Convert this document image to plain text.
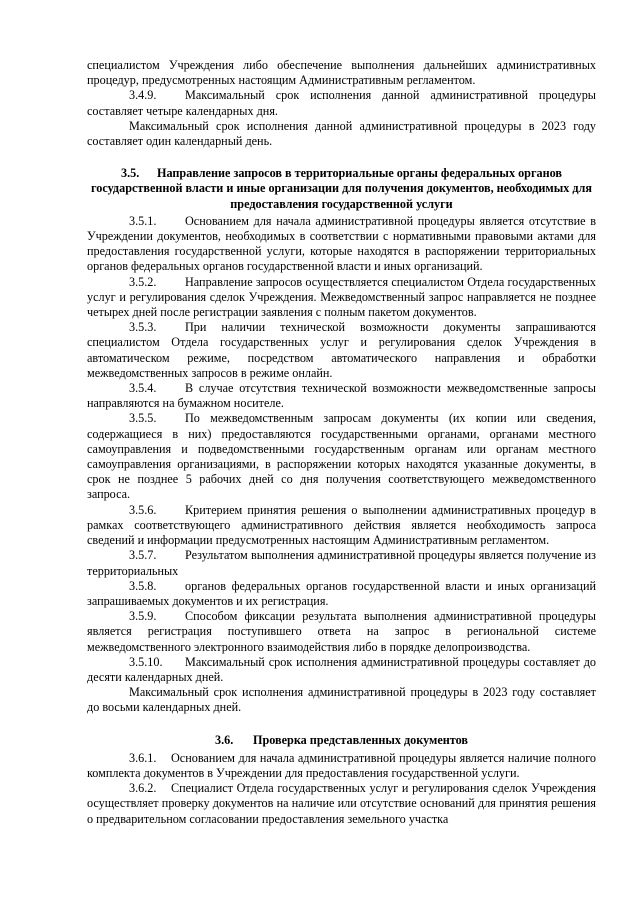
специалистом Учреждения либо обеспечение выполнения дальнейших административных процедур, предусмотренных настоящим Административным регламентом.

3.4.9. Максимальный срок исполнения данной административной процедуры составляет четыре календарных дня.

Максимальный срок исполнения данной административной процедуры в 2023 году составляет один календарный день.

3.5. Направление запросов в территориальные органы федеральных органов государственной власти и иные организации для получения документов, необходимых для предоставления государственной услуги

3.5.1. Основанием для начала административной процедуры является отсутствие в Учреждении документов, необходимых в соответствии с нормативными правовыми актами для предоставления государственной услуги, которые находятся в распоряжении территориальных органов федеральных органов государственной власти и иных организаций.

3.5.2. Направление запросов осуществляется специалистом Отдела государственных услуг и регулирования сделок Учреждения. Межведомственный запрос направляется не позднее четырех дней после регистрации заявления с полным пакетом документов.

3.5.3. При наличии технической возможности документы запрашиваются специалистом Отдела государственных услуг и регулирования сделок Учреждения в автоматическом режиме, посредством автоматического направления и обработки межведомственных запросов в режиме онлайн.

3.5.4. В случае отсутствия технической возможности межведомственные запросы направляются на бумажном носителе.

3.5.5. По межведомственным запросам документы (их копии или сведения, содержащиеся в них) предоставляются государственными органами, органами местного самоуправления и подведомственными государственным органам или органам местного самоуправления организациями, в распоряжении которых находятся указанные документы, в срок не позднее 5 рабочих дней со дня получения соответствующего межведомственного запроса.

3.5.6. Критерием принятия решения о выполнении административных процедур в рамках соответствующего административного действия является необходимость запроса сведений и информации предусмотренных настоящим Административным регламентом.

3.5.7. Результатом выполнения административной процедуры является получение из территориальных

3.5.8. органов федеральных органов государственной власти и иных организаций запрашиваемых документов и их регистрация.

3.5.9. Способом фиксации результата выполнения административной процедуры является регистрация поступившего ответа на запрос в региональной системе межведомственного электронного взаимодействия либо в порядке делопроизводства.

3.5.10. Максимальный срок исполнения административной процедуры составляет до десяти календарных дней.

Максимальный срок исполнения административной процедуры в 2023 году составляет до восьми календарных дней.

3.6. Проверка представленных документов

3.6.1. Основанием для начала административной процедуры является наличие полного комплекта документов в Учреждении для предоставления государственной услуги.

3.6.2. Специалист Отдела государственных услуг и регулирования сделок Учреждения осуществляет проверку документов на наличие или отсутствие оснований для принятия решения о предварительном согласовании предоставления земельного участка
